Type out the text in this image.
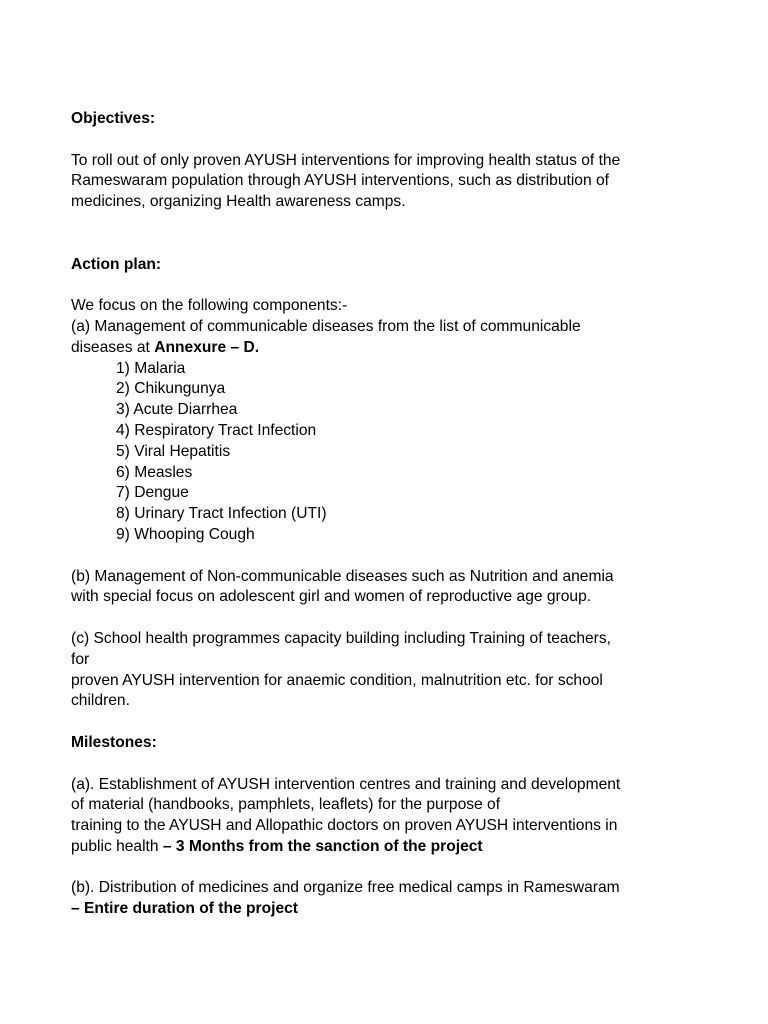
Objectives:

To roll out of only proven AYUSH interventions for improving health status of the

Rameswaram population through AYUSH interventions, such as distribution of

medicines, organizing Health awareness camps.

Action plan:

We focus on the following components:-

(a) Management of communicable diseases from the list of communicable

diseases at Annexure – D.

1) Malaria

2) Chikungunya

3) Acute Diarrhea

4) Respiratory Tract Infection

5) Viral Hepatitis

6) Measles

7) Dengue

8) Urinary Tract Infection (UTI)

9) Whooping Cough

(b) Management of Non-communicable diseases such as Nutrition and anemia

with special focus on adolescent girl and women of reproductive age group.

(c) School health programmes capacity building including Training of teachers,

for

proven AYUSH intervention for anaemic condition, malnutrition etc. for school

children.

Milestones:

(a). Establishment of AYUSH intervention centres and training and development

of material (handbooks, pamphlets, leaflets) for the purpose of

training to the AYUSH and Allopathic doctors on proven AYUSH interventions in

public health – 3 Months from the sanction of the project

(b). Distribution of medicines and organize free medical camps in Rameswaram

– Entire duration of the project
